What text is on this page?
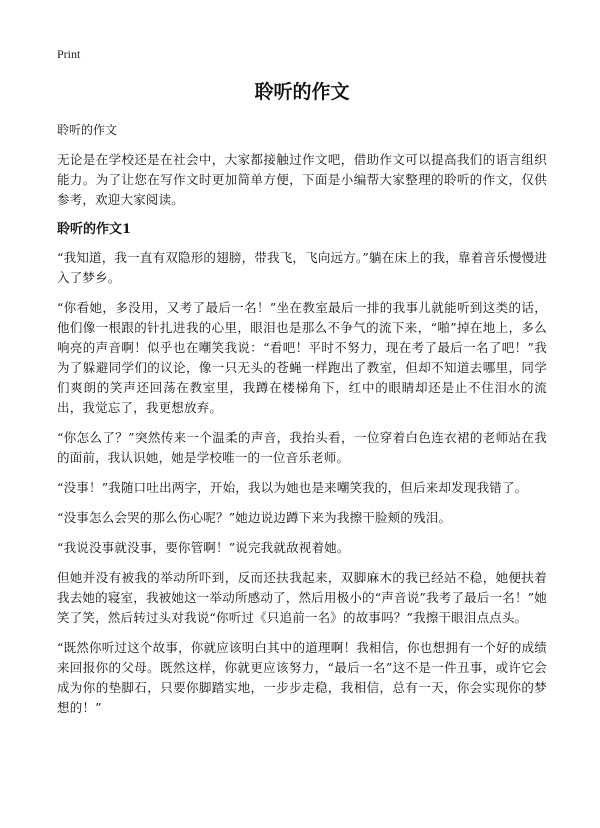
Print
聆听的作文

聆听的作文

无论是在学校还是在社会中，大家都接触过作文吧，借助作文可以提高我们的语言组织能力。为了让您在写作文时更加简单方便，下面是小编帮大家整理的聆听的作文，仅供参考，欢迎大家阅读。

聆听的作文1

“我知道，我一直有双隐形的翅膀，带我飞，飞向远方。”躺在床上的我，靠着音乐慢慢进入了梦乡。

“你看她，多没用，又考了最后一名！”坐在教室最后一排的我事儿就能听到这类的话，他们像一根跟的针扎进我的心里，眼泪也是那么不争气的流下来，“啪”掉在地上，多么响亮的声音啊！似乎也在嘲笑我说：“看吧！平时不努力，现在考了最后一名了吧！”我为了躲避同学们的议论，像一只无头的苍蝇一样跑出了教室，但却不知道去哪里，同学们爽朗的笑声还回荡在教室里，我蹲在楼梯角下，红中的眼睛却还是止不住泪水的流出，我觉忘了，我更想放弃。

“你怎么了？”突然传来一个温柔的声音，我抬头看，一位穿着白色连衣裙的老师站在我的面前，我认识她，她是学校唯一的一位音乐老师。

“没事！”我随口吐出两字，开始，我以为她也是来嘲笑我的，但后来却发现我错了。

“没事怎么会哭的那么伤心呢？”她边说边蹲下来为我擦干脸颊的残泪。

“我说没事就没事，要你管啊！”说完我就敌视着她。

但她并没有被我的举动所吓到，反而还扶我起来，双脚麻木的我已经站不稳，她便扶着我去她的寝室，我被她这一举动所感动了，然后用极小的“声音说”我考了最后一名！”她笑了笑，然后转过头对我说“你听过《只追前一名》的故事吗？”我擦干眼泪点点头。

“既然你听过这个故事，你就应该明白其中的道理啊！我相信，你也想拥有一个好的成绩来回报你的父母。既然这样，你就更应该努力，“最后一名”这不是一件丑事，或许它会成为你的垫脚石，只要你脚踏实地，一步步走稳，我相信，总有一天，你会实现你的梦想的！”
